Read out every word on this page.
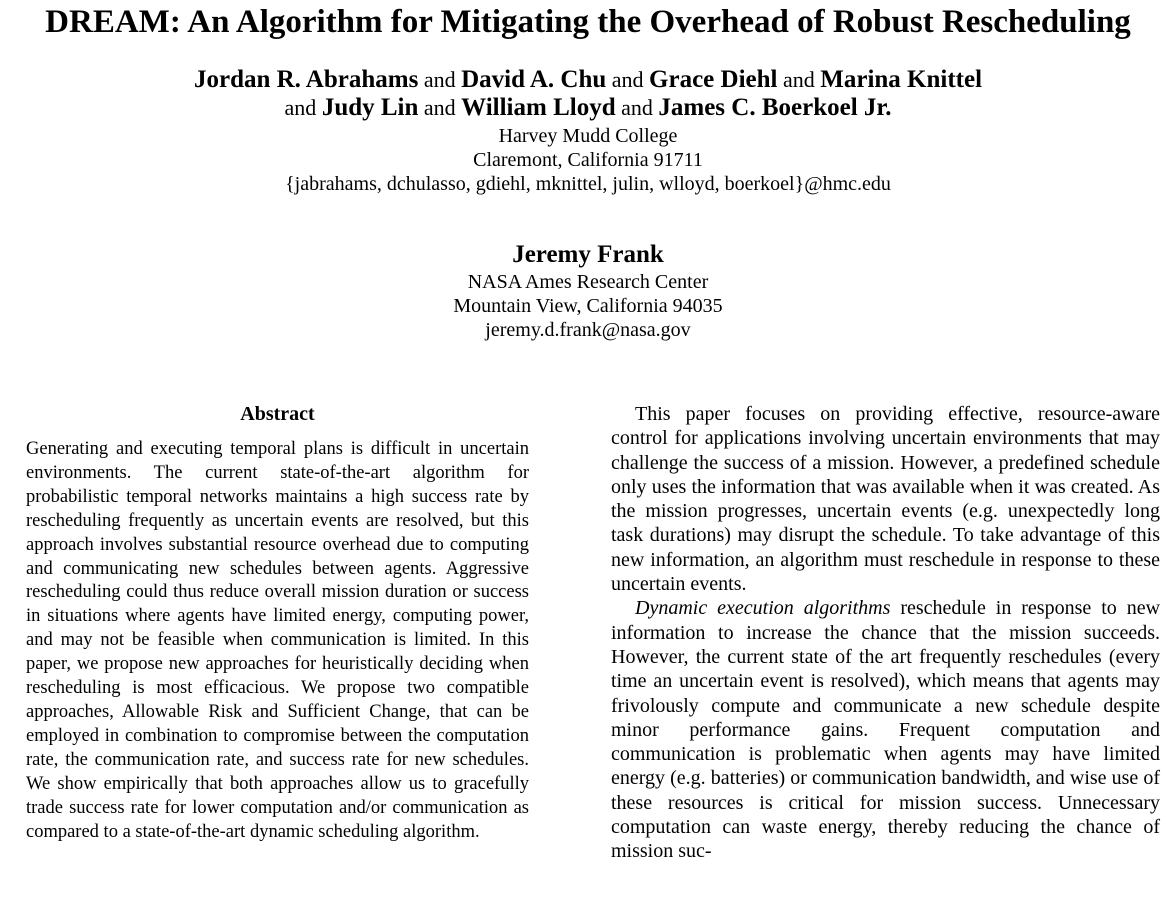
DREAM: An Algorithm for Mitigating the Overhead of Robust Rescheduling
Jordan R. Abrahams and David A. Chu and Grace Diehl and Marina Knittel
and Judy Lin and William Lloyd and James C. Boerkoel Jr.
Harvey Mudd College
Claremont, California 91711
{jabrahams, dchulasso, gdiehl, mknittel, julin, wlloyd, boerkoel}@hmc.edu
Jeremy Frank
NASA Ames Research Center
Mountain View, California 94035
jeremy.d.frank@nasa.gov
Abstract
Generating and executing temporal plans is difficult in uncertain environments. The current state-of-the-art algorithm for probabilistic temporal networks maintains a high success rate by rescheduling frequently as uncertain events are resolved, but this approach involves substantial resource overhead due to computing and communicating new schedules between agents. Aggressive rescheduling could thus reduce overall mission duration or success in situations where agents have limited energy, computing power, and may not be feasible when communication is limited. In this paper, we propose new approaches for heuristically deciding when rescheduling is most efficacious. We propose two compatible approaches, Allowable Risk and Sufficient Change, that can be employed in combination to compromise between the computation rate, the communication rate, and success rate for new schedules. We show empirically that both approaches allow us to gracefully trade success rate for lower computation and/or communication as compared to a state-of-the-art dynamic scheduling algorithm.

This paper focuses on providing effective, resource-aware control for applications involving uncertain environments that may challenge the success of a mission. However, a predefined schedule only uses the information that was available when it was created. As the mission progresses, uncertain events (e.g. unexpectedly long task durations) may disrupt the schedule. To take advantage of this new information, an algorithm must reschedule in response to these uncertain events.

Dynamic execution algorithms reschedule in response to new information to increase the chance that the mission succeeds. However, the current state of the art frequently reschedules (every time an uncertain event is resolved), which means that agents may frivolously compute and communicate a new schedule despite minor performance gains. Frequent computation and communication is problematic when agents may have limited energy (e.g. batteries) or communication bandwidth, and wise use of these resources is critical for mission success. Unnecessary computation can waste energy, thereby reducing the chance of mission suc-
